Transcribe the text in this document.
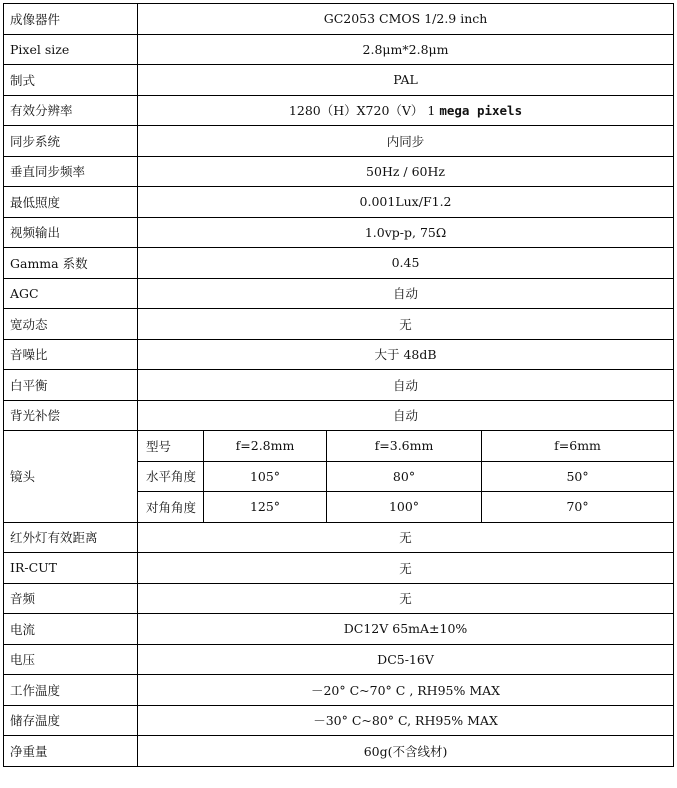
成像器件	GC2053 CMOS 1/2.9 inch			
Pixel size	2.8μm*2.8μm			
制式	PAL			
有效分辨率	1280（H）X720（V） 1 mega pixels			
同步系统	内同步			
垂直同步频率	50Hz / 60Hz			
最低照度	0.001Lux/F1.2			
视频输出	1.0vp-p, 75Ω			
Gamma 系数	0.45			
AGC	自动			
宽动态	无			
音噪比	大于 48dB			
白平衡	自动			
背光补偿	自动			
镜头	型号	f=2.8mm	f=3.6mm	f=6mm
	水平角度	105°	80°	50°
	对角角度	125°	100°	70°
红外灯有效距离	无			
IR-CUT	无			
音频	无			
电流	DC12V 65mA±10%			
电压	DC5-16V			
工作温度	－20° C~70° C , RH95% MAX			
储存温度	－30° C~80° C, RH95% MAX			
净重量	60g(不含线材)			
